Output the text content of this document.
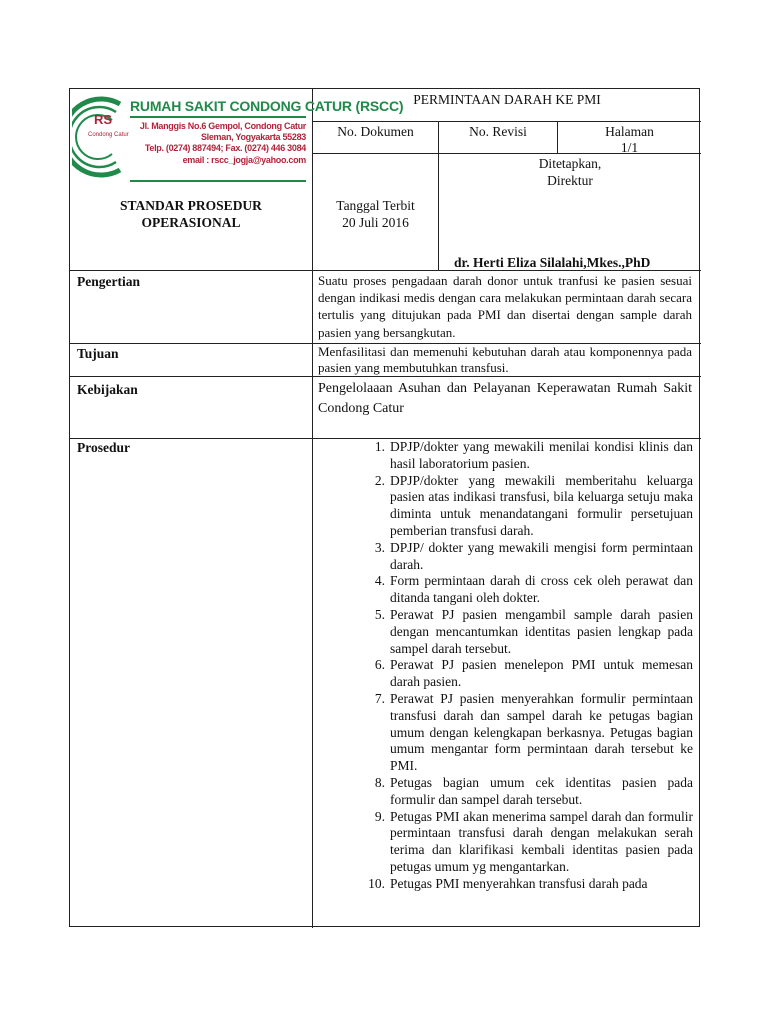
RS
Condong Catur
RUMAH SAKIT CONDONG CATUR (RSCC)
Jl. Manggis No.6 Gempol, Condong Catur
Sleman, Yogyakarta 55283
Telp. (0274) 887494; Fax. (0274) 446 3084
email : rscc_jogja@yahoo.com
PERMINTAAN DARAH KE PMI
No. Dokumen	No. Revisi	Halaman
1/1
STANDAR PROSEDUR
OPERASIONAL
Tanggal Terbit
20 Juli 2016
Ditetapkan,
Direktur
dr. Herti Eliza Silalahi,Mkes.,PhD
Pengertian	Suatu proses pengadaan darah donor untuk tranfusi ke pasien sesuai dengan indikasi medis dengan cara melakukan permintaan darah secara tertulis yang ditujukan pada PMI dan disertai dengan sample darah pasien yang bersangkutan.
Tujuan	Menfasilitasi dan memenuhi kebutuhan darah atau komponennya pada pasien yang membutuhkan transfusi.
Kebijakan	Pengelolaaan Asuhan dan Pelayanan Keperawatan Rumah Sakit Condong Catur
Prosedur	1. DPJP/dokter yang mewakili menilai kondisi klinis dan hasil laboratorium pasien.
2. DPJP/dokter yang mewakili memberitahu keluarga pasien atas indikasi transfusi, bila keluarga setuju maka diminta untuk menandatangani formulir persetujuan pemberian transfusi darah.
3. DPJP/ dokter yang mewakili mengisi form permintaan darah.
4. Form permintaan darah di cross cek oleh perawat dan ditanda tangani oleh dokter.
5. Perawat PJ pasien mengambil sample darah pasien dengan mencantumkan identitas pasien lengkap pada sampel darah tersebut.
6. Perawat PJ pasien menelepon PMI untuk memesan darah pasien.
7. Perawat PJ pasien menyerahkan formulir permintaan transfusi darah dan sampel darah ke petugas bagian umum dengan kelengkapan berkasnya. Petugas bagian umum mengantar form permintaan darah tersebut ke PMI.
8. Petugas bagian umum cek identitas pasien pada formulir dan sampel darah tersebut.
9. Petugas PMI akan menerima sampel darah dan formulir permintaan transfusi darah dengan melakukan serah terima dan klarifikasi kembali identitas pasien pada petugas umum yg mengantarkan.
10. Petugas PMI menyerahkan transfusi darah pada
